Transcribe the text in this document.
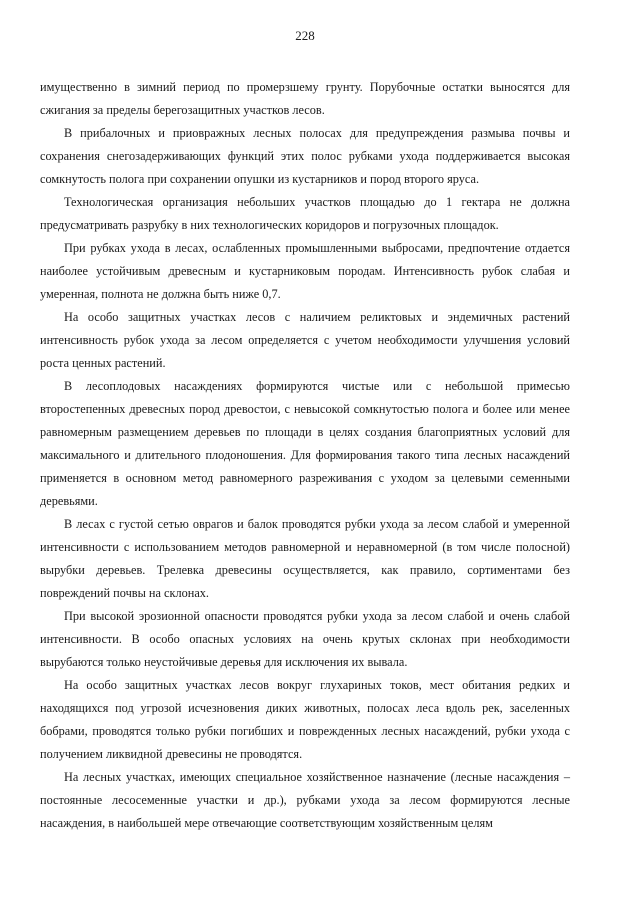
228

имущественно в зимний период по промерзшему грунту. Порубочные остатки выносятся для сжигания за пределы берегозащитных участков лесов.

В прибалочных и приовражных лесных полосах для предупреждения размыва почвы и сохранения снегозадерживающих функций этих полос рубками ухода поддерживается высокая сомкнутость полога при сохранении опушки из кустарников и пород второго яруса.

Технологическая организация небольших участков площадью до 1 гектара не должна предусматривать разрубку в них технологических коридоров и погрузочных площадок.

При рубках ухода в лесах, ослабленных промышленными выбросами, предпочтение отдается наиболее устойчивым древесным и кустарниковым породам. Интенсивность рубок слабая и умеренная, полнота не должна быть ниже 0,7.

На особо защитных участках лесов с наличием реликтовых и эндемичных растений интенсивность рубок ухода за лесом определяется с учетом необходимости улучшения условий роста ценных растений.

В лесоплодовых насаждениях формируются чистые или с небольшой примесью второстепенных древесных пород древостои, с невысокой сомкнутостью полога и более или менее равномерным размещением деревьев по площади в целях создания благоприятных условий для максимального и длительного плодоношения. Для формирования такого типа лесных насаждений применяется в основном метод равномерного разреживания с уходом за целевыми семенными деревьями.

В лесах с густой сетью оврагов и балок проводятся рубки ухода за лесом слабой и умеренной интенсивности с использованием методов равномерной и неравномерной (в том числе полосной) вырубки деревьев. Трелевка древесины осуществляется, как правило, сортиментами без повреждений почвы на склонах.

При высокой эрозионной опасности проводятся рубки ухода за лесом слабой и очень слабой интенсивности. В особо опасных условиях на очень крутых склонах при необходимости вырубаются только неустойчивые деревья для исключения их вывала.

На особо защитных участках лесов вокруг глухариных токов, мест обитания редких и находящихся под угрозой исчезновения диких животных, полосах леса вдоль рек, заселенных бобрами, проводятся только рубки погибших и поврежденных лесных насаждений, рубки ухода с получением ликвидной древесины не проводятся.

На лесных участках, имеющих специальное хозяйственное назначение (лесные насаждения – постоянные лесосеменные участки и др.), рубками ухода за лесом формируются лесные насаждения, в наибольшей мере отвечающие соответствующим хозяйственным целям
